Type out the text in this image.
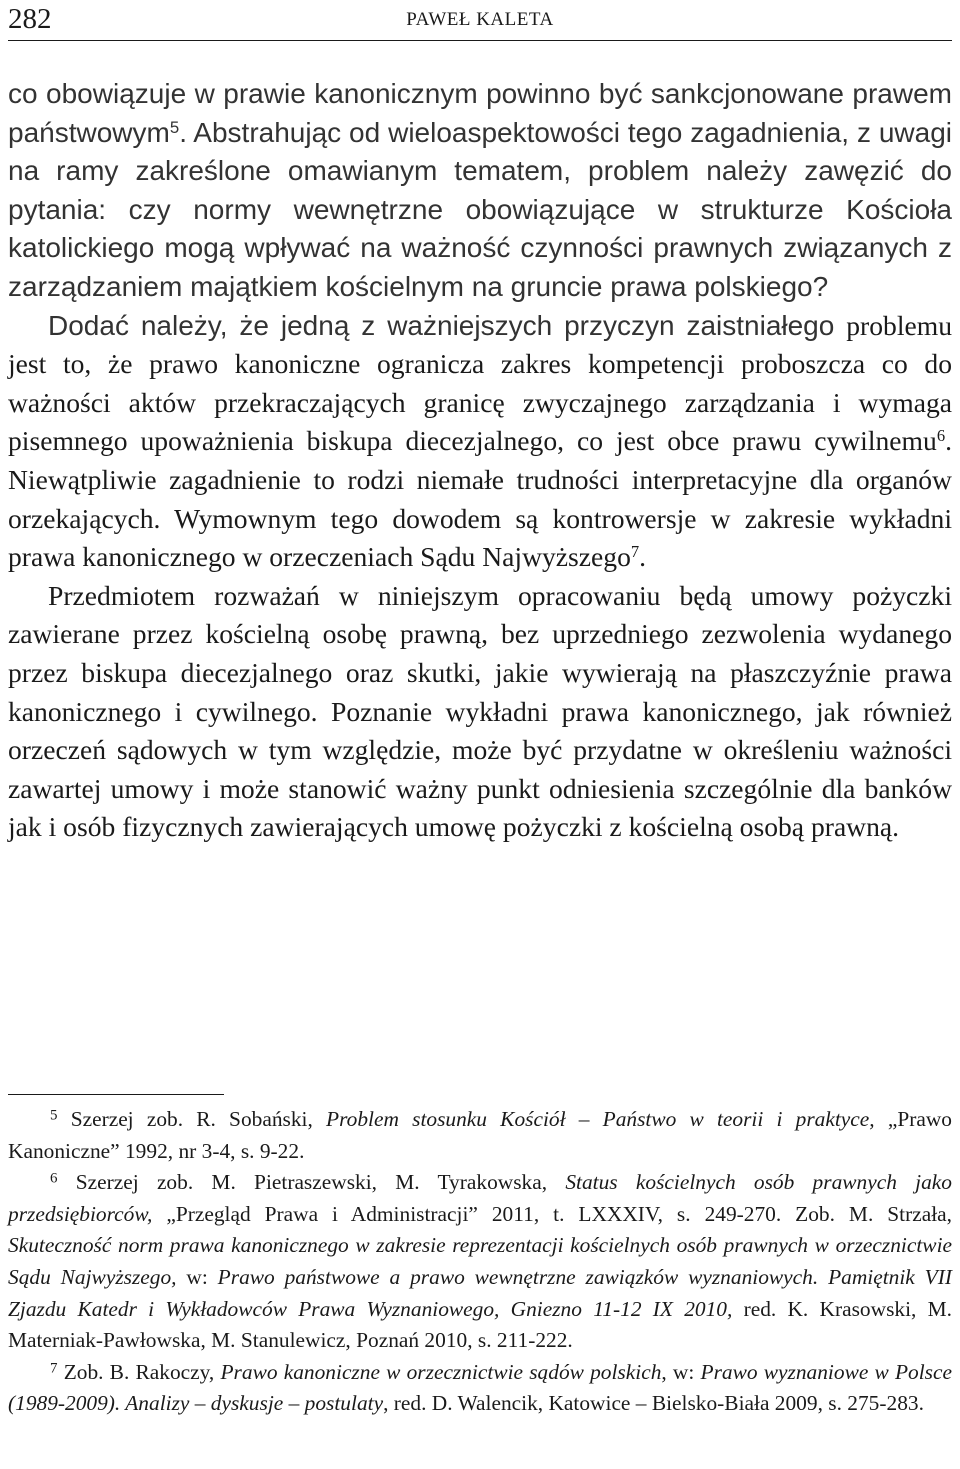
282	PAWEŁ KALETA

co obowiązuje w prawie kanonicznym powinno być sankcjonowane prawem państwowym$^5$. Abstrahując od wieloaspektowości tego zagadnienia, z uwagi na ramy zakreślone omawianym tematem, problem należy zawęzić do pytania: czy normy wewnętrzne obowiązujące w strukturze Kościoła katolickiego mogą wpływać na ważność czynności prawnych związanych z zarządzaniem majątkiem kościelnym na gruncie prawa polskiego?

Dodać należy, że jedną z ważniejszych przyczyn zaistniałego problemu jest to, że prawo kanoniczne ogranicza zakres kompetencji proboszcza co do ważności aktów przekraczających granicę zwyczajnego zarządzania i wymaga pisemnego upoważnienia biskupa diecezjalnego, co jest obce prawu cywilnemu$^6$. Niewątpliwie zagadnienie to rodzi niemałe trudności interpretacyjne dla organów orzekających. Wymownym tego dowodem są kontrowersje w zakresie wykładni prawa kanonicznego w orzeczeniach Sądu Najwyższego$^7$.

Przedmiotem rozważań w niniejszym opracowaniu będą umowy pożyczki zawierane przez kościelną osobę prawną, bez uprzedniego zezwolenia wydanego przez biskupa diecezjalnego oraz skutki, jakie wywierają na płaszczyźnie prawa kanonicznego i cywilnego. Poznanie wykładni prawa kanonicznego, jak również orzeczeń sądowych w tym względzie, może być przydatne w określeniu ważności zawartej umowy i może stanowić ważny punkt odniesienia szczególnie dla banków jak i osób fizycznych zawierających umowę pożyczki z kościelną osobą prawną.

$^5$ Szerzej zob. R. Sobański, Problem stosunku Kościół – Państwo w teorii i praktyce, „Prawo Kanoniczne” 1992, nr 3-4, s. 9-22.

$^6$ Szerzej zob. M. Pietraszewski, M. Tyrakowska, Status kościelnych osób prawnych jako przedsiębiorców, „Przegląd Prawa i Administracji” 2011, t. LXXXIV, s. 249-270. Zob. M. Strzała, Skuteczność norm prawa kanonicznego w zakresie reprezentacji kościelnych osób prawnych w orzecznictwie Sądu Najwyższego, w: Prawo państwowe a prawo wewnętrzne zawiązków wyznaniowych. Pamiętnik VII Zjazdu Katedr i Wykładowców Prawa Wyznaniowego, Gniezno 11-12 IX 2010, red. K. Krasowski, M. Materniak-Pawłowska, M. Stanulewicz, Poznań 2010, s. 211-222.

$^7$ Zob. B. Rakoczy, Prawo kanoniczne w orzecznictwie sądów polskich, w: Prawo wyznaniowe w Polsce (1989-2009). Analizy – dyskusje – postulaty, red. D. Walencik, Katowice – Bielsko-Biała 2009, s. 275-283.
